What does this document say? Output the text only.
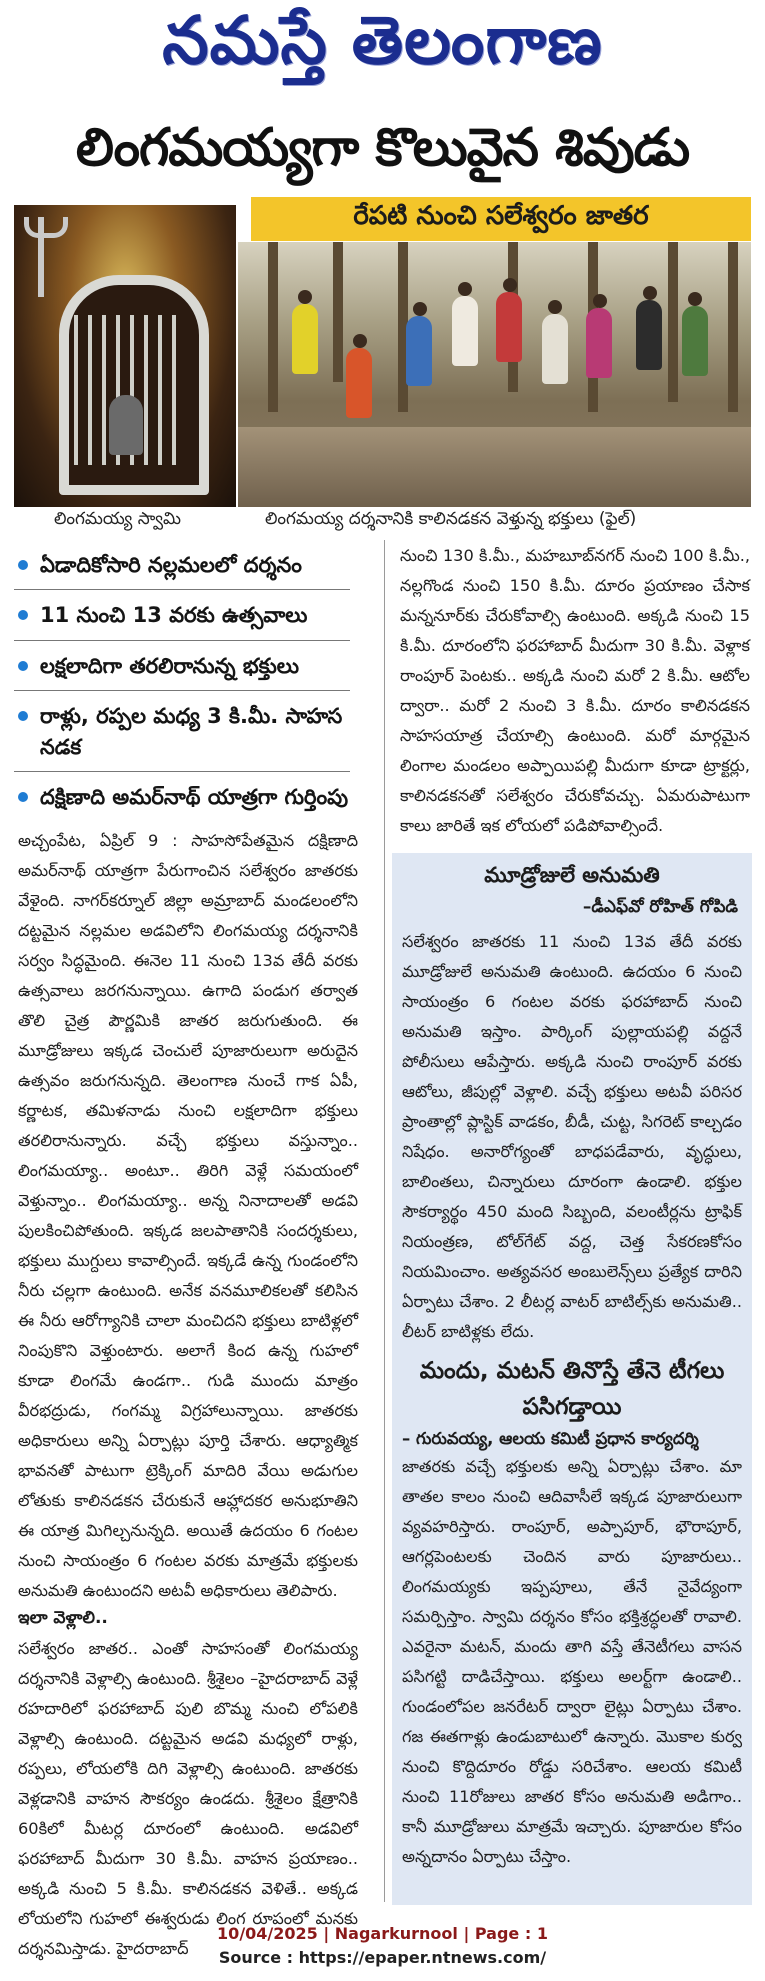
నమస్తే తెలంగాణ
లింగమయ్యగా కొలువైన శివుడు
రేపటి నుంచి సలేశ్వరం జాతర
లింగమయ్య స్వామి	లింగమయ్య దర్శనానికి కాలినడకన వెళ్తున్న భక్తులు (ఫైల్)
ఏడాదికోసారి నల్లమలలో దర్శనం
11 నుంచి 13 వరకు ఉత్సవాలు
లక్షలాదిగా తరలిరానున్న భక్తులు
రాళ్లు, రప్పల మధ్య 3 కి.మీ. సాహస నడక
దక్షిణాది అమర్‌నాథ్ యాత్రగా గుర్తింపు
అచ్చంపేట, ఏప్రిల్ 9 : సాహసోపేతమైన దక్షిణాది అమర్‌నాథ్ యాత్రగా పేరుగాంచిన సలేశ్వరం జాతరకు వేళైంది. నాగర్‌కర్నూల్ జిల్లా అమ్రాబాద్ మండలంలోని దట్టమైన నల్లమల అడవిలోని లింగమయ్య దర్శనానికి సర్వం సిద్ధమైంది. ఈనెల 11 నుంచి 13వ తేదీ వరకు ఉత్సవాలు జరగనున్నాయి. ఉగాది పండుగ తర్వాత తొలి చైత్ర పౌర్ణమికి జాతర జరుగుతుంది. ఈ మూడ్రోజులు ఇక్కడ చెంచులే పూజారులుగా అరుదైన ఉత్సవం జరుగనున్నది. తెలంగాణ నుంచే గాక ఏపీ, కర్ణాటక, తమిళనాడు నుంచి లక్షలాదిగా భక్తులు తరలిరానున్నారు. వచ్చే భక్తులు వస్తున్నాం.. లింగమయ్యా.. అంటూ.. తిరిగి వెళ్లే సమయంలో వెళ్తున్నాం.. లింగమయ్యా.. అన్న నినాదాలతో అడవి పులకించిపోతుంది. ఇక్కడ జలపాతానికి సందర్శకులు, భక్తులు ముగ్దులు కావాల్సిందే. ఇక్కడే ఉన్న గుండంలోని నీరు చల్లగా ఉంటుంది. అనేక వనమూలికలతో కలిసిన ఈ నీరు ఆరోగ్యానికి చాలా మంచిదని భక్తులు బాటిళ్లలో నింపుకొని వెళ్తుంటారు. అలాగే కింద ఉన్న గుహలో కూడా లింగమే ఉండగా.. గుడి ముందు మాత్రం వీరభద్రుడు, గంగమ్మ విగ్రహాలున్నాయి. జాతరకు అధికారులు అన్ని ఏర్పాట్లు పూర్తి చేశారు. ఆధ్యాత్మిక భావనతో పాటుగా ట్రెక్కింగ్ మాదిరి వేయి అడుగుల లోతుకు కాలినడకన చేరుకునే ఆహ్లాదకర అనుభూతిని ఈ యాత్ర మిగిల్చనున్నది. అయితే ఉదయం 6 గంటల నుంచి సాయంత్రం 6 గంటల వరకు మాత్రమే భక్తులకు అనుమతి ఉంటుందని అటవీ అధికారులు తెలిపారు.
ఇలా వెళ్లాలి..
సలేశ్వరం జాతర.. ఎంతో సాహసంతో లింగమయ్య దర్శనానికి వెళ్లాల్సి ఉంటుంది. శ్రీశైలం –హైదరాబాద్ వెళ్లే రహదారిలో ఫరహాబాద్ పులి బొమ్మ నుంచి లోపలికి వెళ్లాల్సి ఉంటుంది. దట్టమైన అడవి మధ్యలో రాళ్లు, రప్పలు, లోయలోకి దిగి వెళ్లాల్సి ఉంటుంది. జాతరకు వెళ్లడానికి వాహన సౌకర్యం ఉండదు. శ్రీశైలం క్షేత్రానికి 60కిలో మీటర్ల దూరంలో ఉంటుంది. అడవిలో ఫరహాబాద్ మీదుగా 30 కి.మీ. వాహన ప్రయాణం.. అక్కడి నుంచి 5 కి.మీ. కాలినడకన వెళితే.. అక్కడ లోయలోని గుహలో ఈశ్వరుడు లింగ రూపంలో మనకు దర్శనమిస్తాడు. హైదరాబాద్
నుంచి 130 కి.మీ., మహబూబ్‌నగర్ నుంచి 100 కి.మీ., నల్లగొండ నుంచి 150 కి.మీ. దూరం ప్రయాణం చేసాక మన్ననూర్‌కు చేరుకోవాల్సి ఉంటుంది. అక్కడి నుంచి 15 కి.మీ. దూరంలోని ఫరహాబాద్ మీదుగా 30 కి.మీ. వెళ్లాక రాంపూర్ పెంటకు.. అక్కడి నుంచి మరో 2 కి.మీ. ఆటోల ద్వారా.. మరో 2 నుంచి 3 కి.మీ. దూరం కాలినడకన సాహసయాత్ర చేయాల్సి ఉంటుంది. మరో మార్గమైన లింగాల మండలం అప్పాయిపల్లి మీదుగా కూడా ట్రాక్టర్లు, కాలినడకనతో సలేశ్వరం చేరుకోవచ్చు. ఏమరుపాటుగా కాలు జారితే ఇక లోయలో పడిపోవాల్సిందే.
మూడ్రోజులే అనుమతి
–డీఎఫ్‌వో రోహిత్ గోపిడి
సలేశ్వరం జాతరకు 11 నుంచి 13వ తేదీ వరకు మూడ్రోజులే అనుమతి ఉంటుంది. ఉదయం 6 నుంచి సాయంత్రం 6 గంటల వరకు ఫరహాబాద్ నుంచి అనుమతి ఇస్తాం. పార్కింగ్ పుల్లాయపల్లి వద్దనే పోలీసులు ఆపేస్తారు. అక్కడి నుంచి రాంపూర్ వరకు ఆటోలు, జీపుల్లో వెళ్లాలి. వచ్చే భక్తులు అటవీ పరిసర ప్రాంతాల్లో ప్లాస్టిక్ వాడకం, బీడీ, చుట్ట, సిగరెట్ కాల్చడం నిషేధం. అనారోగ్యంతో బాధపడేవారు, వృద్ధులు, బాలింతలు, చిన్నారులు దూరంగా ఉండాలి. భక్తుల సౌకర్యార్థం 450 మంది సిబ్బంది, వలంటీర్లను ట్రాఫిక్ నియంత్రణ, టోల్‌గేట్ వద్ద, చెత్త సేకరణకోసం నియమించాం. అత్యవసర అంబులెన్స్‌లు ప్రత్యేక దారిని ఏర్పాటు చేశాం. 2 లీటర్ల వాటర్ బాటిల్స్‌కు అనుమతి.. లీటర్ బాటిళ్లకు లేదు.
మందు, మటన్ తినొస్తే తేనె టీగలు పసిగడ్తాయి
– గురువయ్య, ఆలయ కమిటీ ప్రధాన కార్యదర్శి
జాతరకు వచ్చే భక్తులకు అన్ని ఏర్పాట్లు చేశాం. మా తాతల కాలం నుంచి ఆదివాసీలే ఇక్కడ పూజారులుగా వ్యవహరిస్తారు. రాంపూర్, అప్పాపూర్, భౌరాపూర్, ఆగర్లపెంటలకు చెందిన వారు పూజారులు.. లింగమయ్యకు ఇప్పపూలు, తేనే నైవేద్యంగా సమర్పిస్తాం. స్వామి దర్శనం కోసం భక్తిశ్రద్ధలతో రావాలి. ఎవరైనా మటన్, మందు తాగి వస్తే తేనెటీగలు వాసన పసిగట్టి దాడిచేస్తాయి. భక్తులు అలర్ట్‌గా ఉండాలి.. గుండంలోపల జనరేటర్ ద్వారా లైట్లు ఏర్పాటు చేశాం. గజ ఈతగాళ్లు ఉండుబాటులో ఉన్నారు. మొకాల కుర్వ నుంచి కొద్దిదూరం రోడ్డు సరిచేశాం. ఆలయ కమిటీ నుంచి 11రోజులు జాతర కోసం అనుమతి అడిగాం.. కానీ మూడ్రోజులు మాత్రమే ఇచ్చారు. పూజారుల కోసం అన్నదానం ఏర్పాటు చేస్తాం.
10/04/2025 | Nagarkurnool | Page : 1
Source : https://epaper.ntnews.com/
